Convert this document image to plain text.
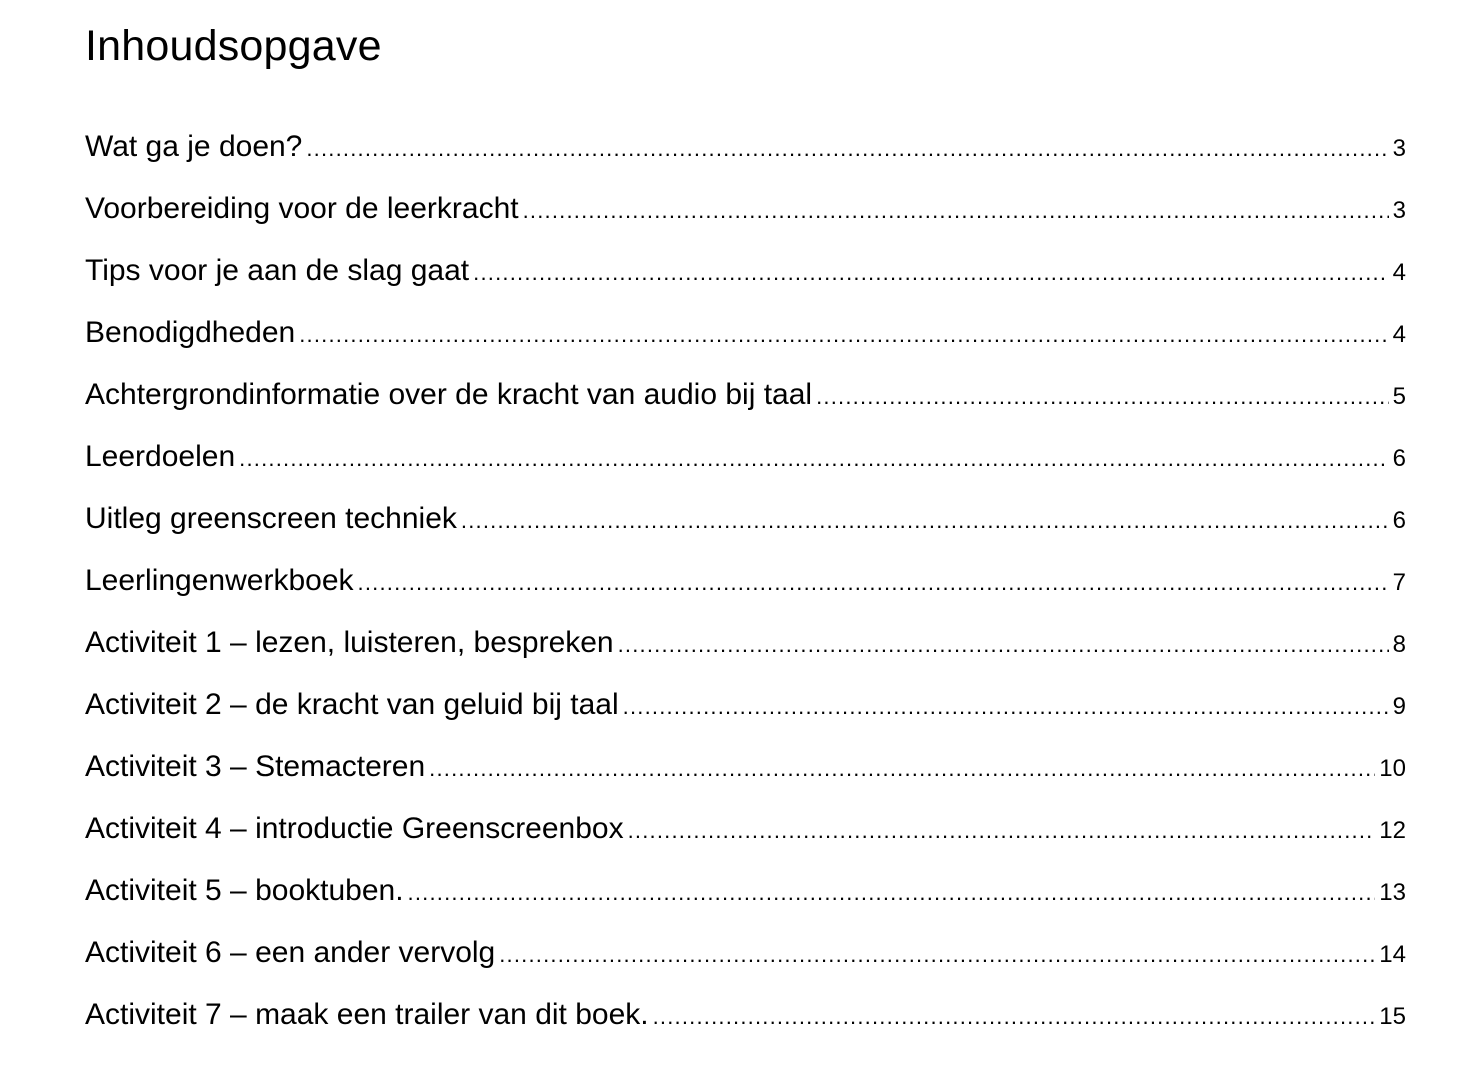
Inhoudsopgave
Wat ga je doen? .....	3
Voorbereiding voor de leerkracht .....	3
Tips voor je aan de slag gaat .....	4
Benodigdheden .....	4
Achtergrondinformatie over de kracht van audio bij taal .....	5
Leerdoelen .....	6
Uitleg greenscreen techniek .....	6
Leerlingenwerkboek .....	7
Activiteit 1 – lezen, luisteren, bespreken .....	8
Activiteit 2 – de kracht van geluid bij taal .....	9
Activiteit 3 – Stemacteren .....	10
Activiteit 4 – introductie Greenscreenbox .....	12
Activiteit 5 – booktuben. .....	13
Activiteit 6 – een ander vervolg .....	14
Activiteit 7 – maak een trailer van dit boek. .....	15
